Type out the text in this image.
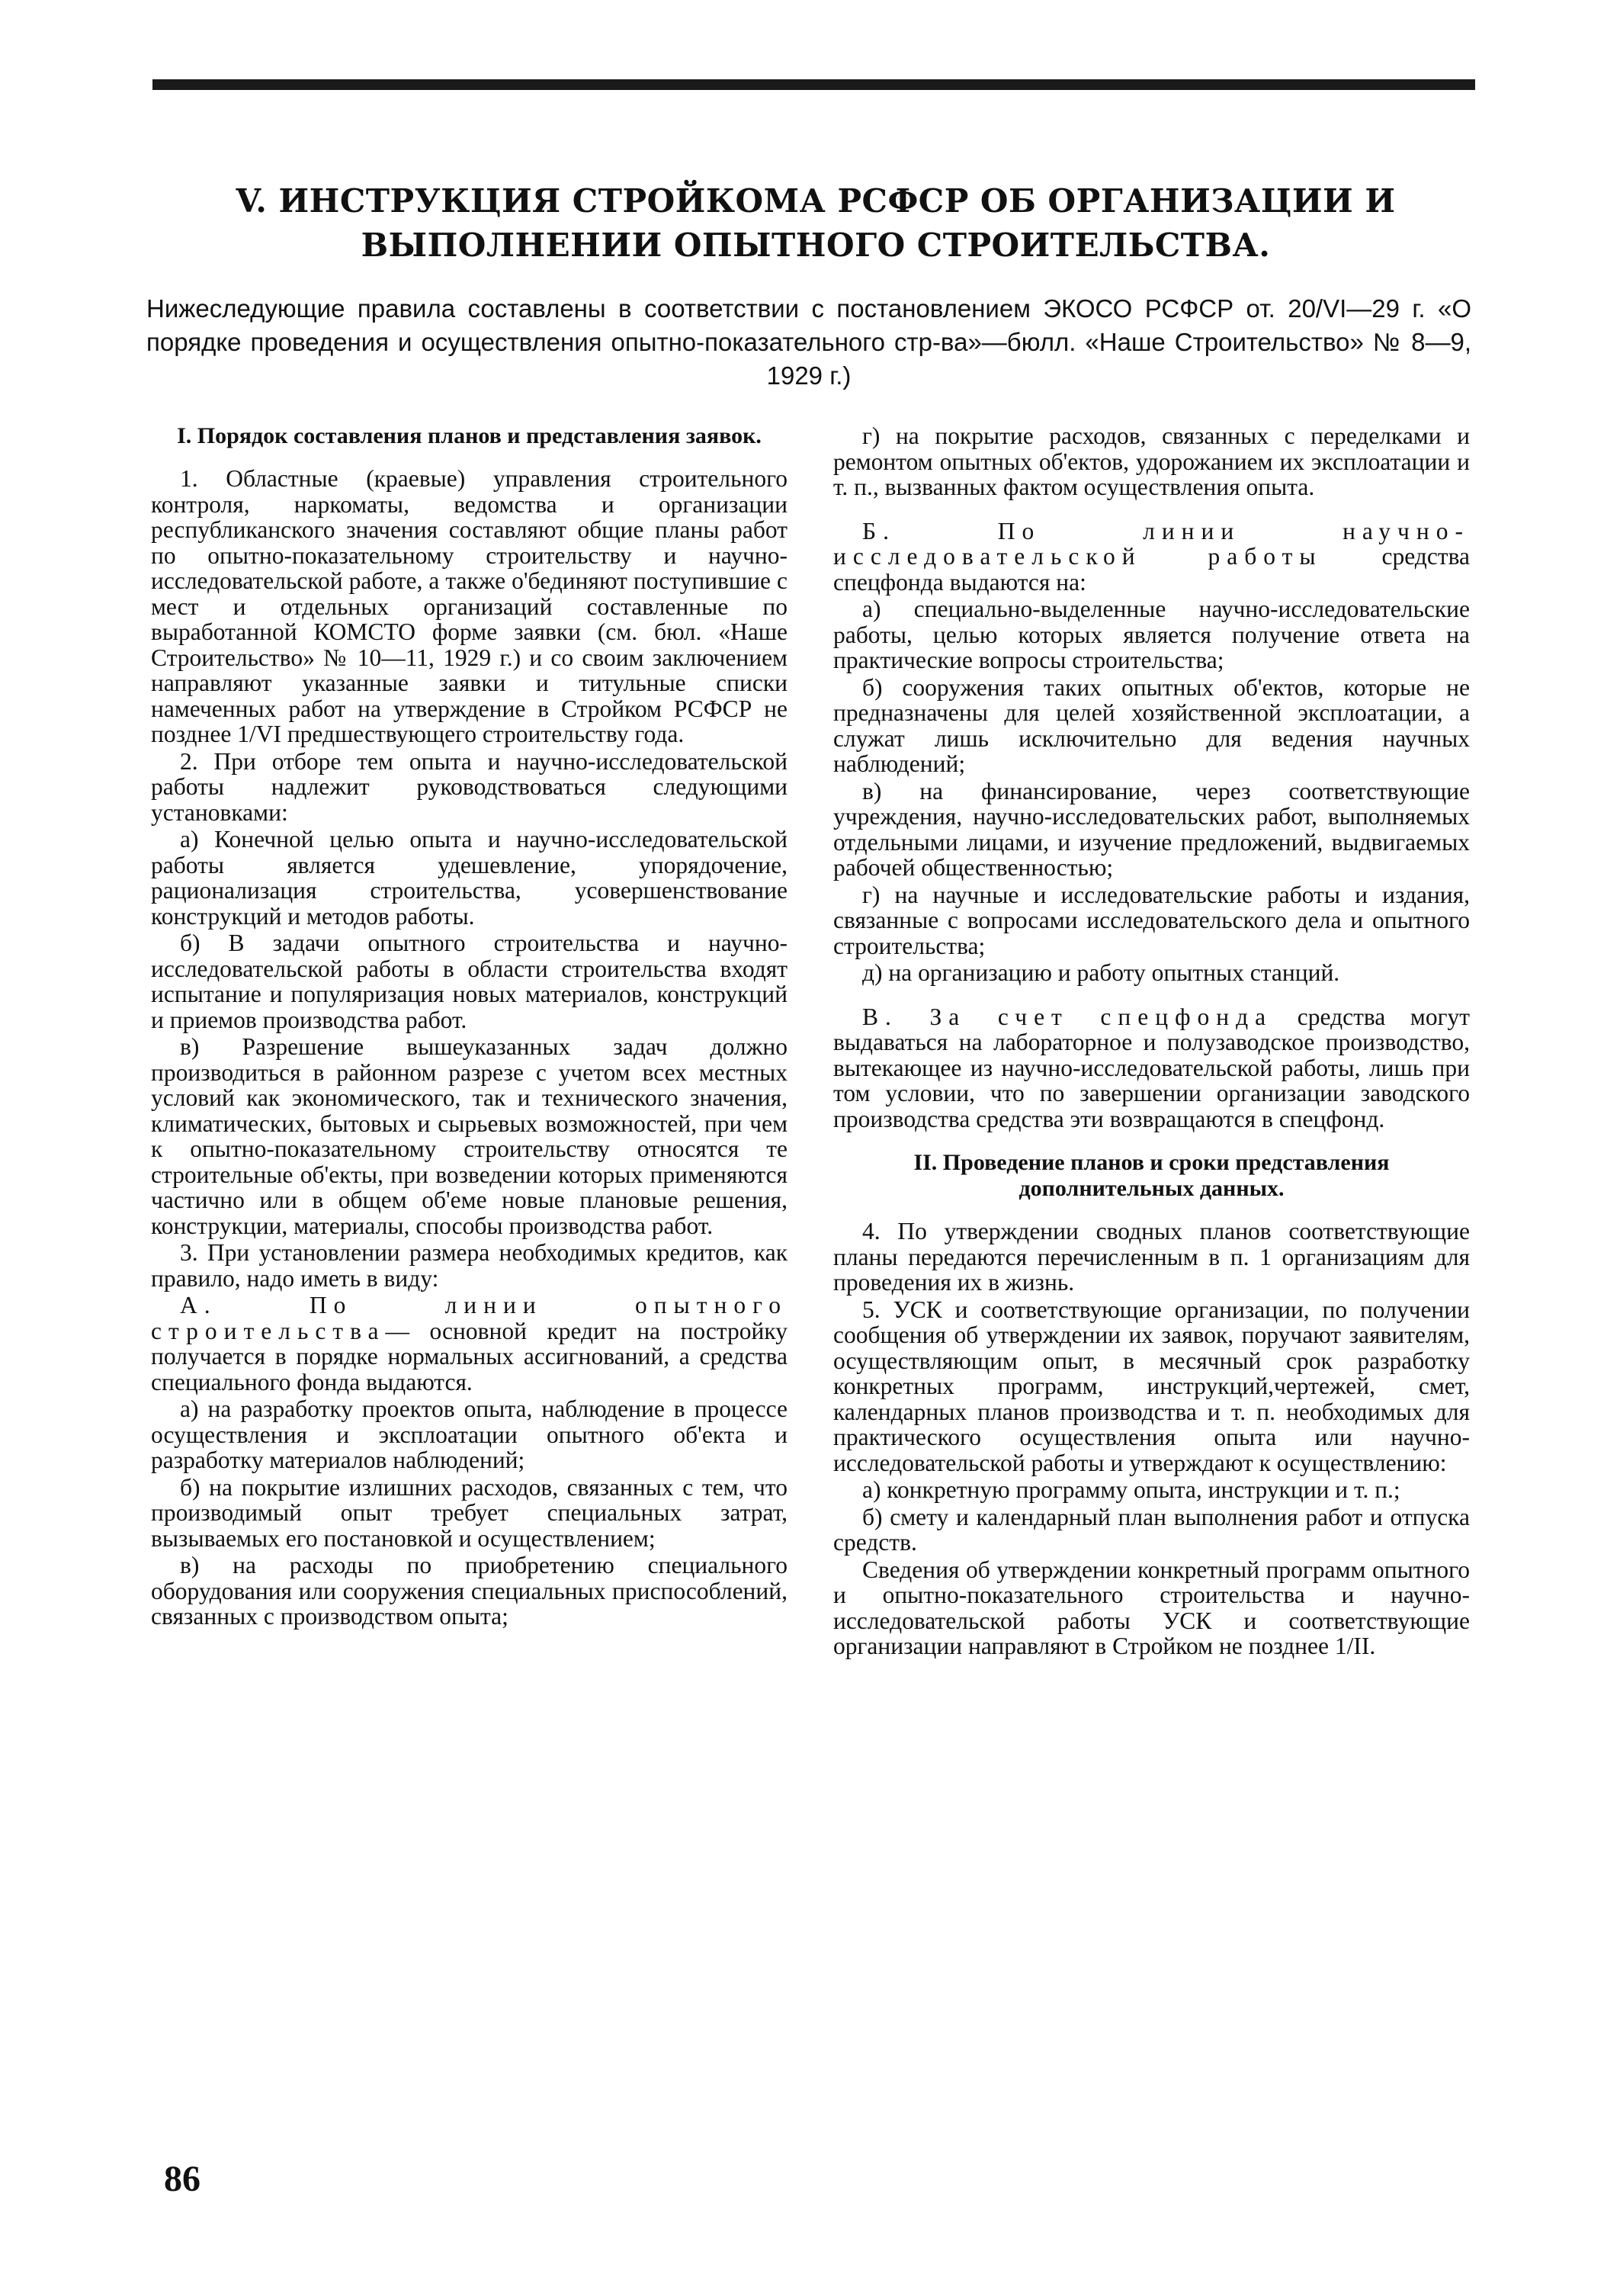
V. ИНСТРУКЦИЯ СТРОЙКОМА РСФСР ОБ ОРГАНИЗАЦИИ И ВЫПОЛНЕНИИ ОПЫТНОГО СТРОИТЕЛЬСТВА.
Нижеследующие правила составлены в соответствии с постановлением ЭКОСО РСФСР от. 20/VI—29 г. «О порядке проведения и осуществления опытно-показательного стр-ва»—бюлл. «Наше Строительство» № 8—9, 1929 г.)
I. Порядок составления планов и представления заявок.

1. Областные (краевые) управления строительного контроля, наркоматы, ведомства и организации республиканского значения составляют общие планы работ по опытно-показательному строительству и научно-исследовательской работе, а также о'бединяют поступившие с мест и отдельных организаций составленные по выработанной КОМСТО форме заявки (см. бюл. «Наше Строительство» № 10—11, 1929 г.) и со своим заключением направляют указанные заявки и титульные списки намеченных работ на утверждение в Стройком РСФСР не позднее 1/VI предшествующего строительству года.

2. При отборе тем опыта и научно-исследовательской работы надлежит руководствоваться следующими установками:

а) Конечной целью опыта и научно-исследовательской работы является удешевление, упорядочение, рационализация строительства, усовершенствование конструкций и методов работы.

б) В задачи опытного строительства и научно-исследовательской работы в области строительства входят испытание и популяризация новых материалов, конструкций и приемов производства работ.

в) Разрешение вышеуказанных задач должно производиться в районном разрезе с учетом всех местных условий как экономического, так и технического значения, климатических, бытовых и сырьевых возможностей, при чем к опытно-показательному строительству относятся те строительные об'екты, при возведении которых применяются частично или в общем об'еме новые плановые решения, конструкции, материалы, способы производства работ.

3. При установлении размера необходимых кредитов, как правило, надо иметь в виду:

А. По линии опытного строительства— основной кредит на постройку получается в порядке нормальных ассигнований, а средства специального фонда выдаются.

а) на разработку проектов опыта, наблюдение в процессе осуществления и эксплоатации опытного об'екта и разработку материалов наблюдений;

б) на покрытие излишних расходов, связанных с тем, что производимый опыт требует специальных затрат, вызываемых его постановкой и осуществлением;

в) на расходы по приобретению специального оборудования или сооружения специальных приспособлений, связанных с производством опыта;

г) на покрытие расходов, связанных с переделками и ремонтом опытных об'ектов, удорожанием их эксплоатации и т. п., вызванных фактом осуществления опыта.

Б. По линии научно-исследовательской работы средства спецфонда выдаются на:

а) специально-выделенные научно-исследовательские работы, целью которых является получение ответа на практические вопросы строительства;

б) сооружения таких опытных об'ектов, которые не предназначены для целей хозяйственной эксплоатации, а служат лишь исключительно для ведения научных наблюдений;

в) на финансирование, через соответствующие учреждения, научно-исследовательских работ, выполняемых отдельными лицами, и изучение предложений, выдвигаемых рабочей общественностью;

г) на научные и исследовательские работы и издания, связанные с вопросами исследовательского дела и опытного строительства;

д) на организацию и работу опытных станций.

В. За счет спецфонда средства могут выдаваться на лабораторное и полузаводское производство, вытекающее из научно-исследовательской работы, лишь при том условии, что по завершении организации заводского производства средства эти возвращаются в спецфонд.

II. Проведение планов и сроки представления дополнительных данных.

4. По утверждении сводных планов соответствующие планы передаются перечисленным в п. 1 организациям для проведения их в жизнь.

5. УСК и соответствующие организации, по получении сообщения об утверждении их заявок, поручают заявителям, осуществляющим опыт, в месячный срок разработку конкретных программ, инструкций,чертежей, смет, календарных планов производства и т. п. необходимых для практического осуществления опыта или научно-исследовательской работы и утверждают к осуществлению:

а) конкретную программу опыта, инструкции и т. п.;

б) смету и календарный план выполнения работ и отпуска средств.

Сведения об утверждении конкретный программ опытного и опытно-показательного строительства и научно-исследовательской работы УСК и соответствующие организации направляют в Стройком не позднее 1/II.

86
